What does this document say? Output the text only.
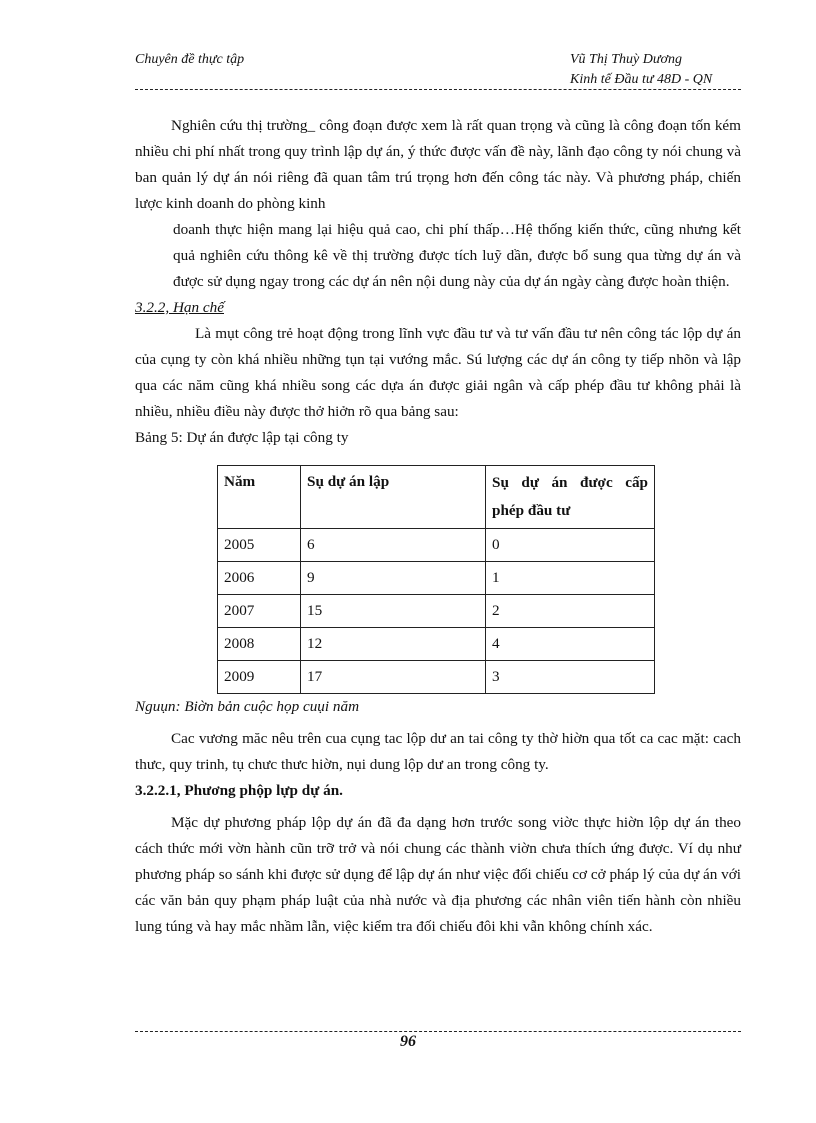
Chuyên đề thực tập	Vũ Thị Thuỳ Dương
Kinh tế Đầu tư 48D - QN

Nghiên cứu thị trường_ công đoạn được xem là rất quan trọng và cũng là công đoạn tốn kém nhiều chi phí nhất trong quy trình lập dự án, ý thức được vấn đề này, lãnh đạo công ty nói chung và ban quản lý dự án nói riêng đã quan tâm trú trọng hơn đến công tác này. Và phương pháp, chiến lược kinh doanh do phòng kinh

doanh thực hiện mang lại hiệu quả cao, chi phí thấp…Hệ thống kiến thức, cũng nhưng kết quả nghiên cứu thông kê về thị trường được tích luỹ dần, được bổ sung qua từng dự án và được sử dụng ngay trong các dự án nên nội dung này của dự án ngày càng được hoàn thiện.

3.2.2, Hạn chế

Là mụt công trẻ hoạt động trong lĩnh vực đầu tư và tư vấn đầu tư nên công tác lộp dự án của cụng ty còn khá nhiều những tụn tại vướng mắc. Sú lượng các dự án công ty tiếp nhõn và lập qua các năm cũng khá nhiều song các dựa án được giải ngân và cấp phép đầu tư không phải là nhiều, nhiều điều này được thở hiởn rõ qua bảng sau:

Bảng 5: Dự án được lập tại công ty

Năm	Sụ dự án lập	Sụ dự án được cấp phép đầu tư
2005	6	0
2006	9	1
2007	15	2
2008	12	4
2009	17	3

Nguụn: Biờn bản cuộc họp cuụi năm

Cac vương măc nêu trên cua cụng tac lộp dư an tai công ty thờ hiờn qua tốt ca cac mặt: cach thưc, quy trinh, tụ chưc thưc hiờn, nụi dung lộp dư an trong công ty.

3.2.2.1, Phương phộp lựp dự án.

Mặc dự phương pháp lộp dự án đã đa dạng hơn trước song viờc thực hiờn lộp dự án theo cách thức mới vờn hành cũn trỡ trở và nói chung các thành viờn chưa thích ứng được. Ví dụ như phương pháp so sánh khi được sử dụng để lập dự án như việc đối chiếu cơ cở pháp lý của dự án với các văn bản quy phạm pháp luật của nhà nước và địa phương các nhân viên tiến hành còn nhiều lung túng và hay mắc nhầm lẫn, việc kiểm tra đối chiếu đôi khi vẫn không chính xác.

96
